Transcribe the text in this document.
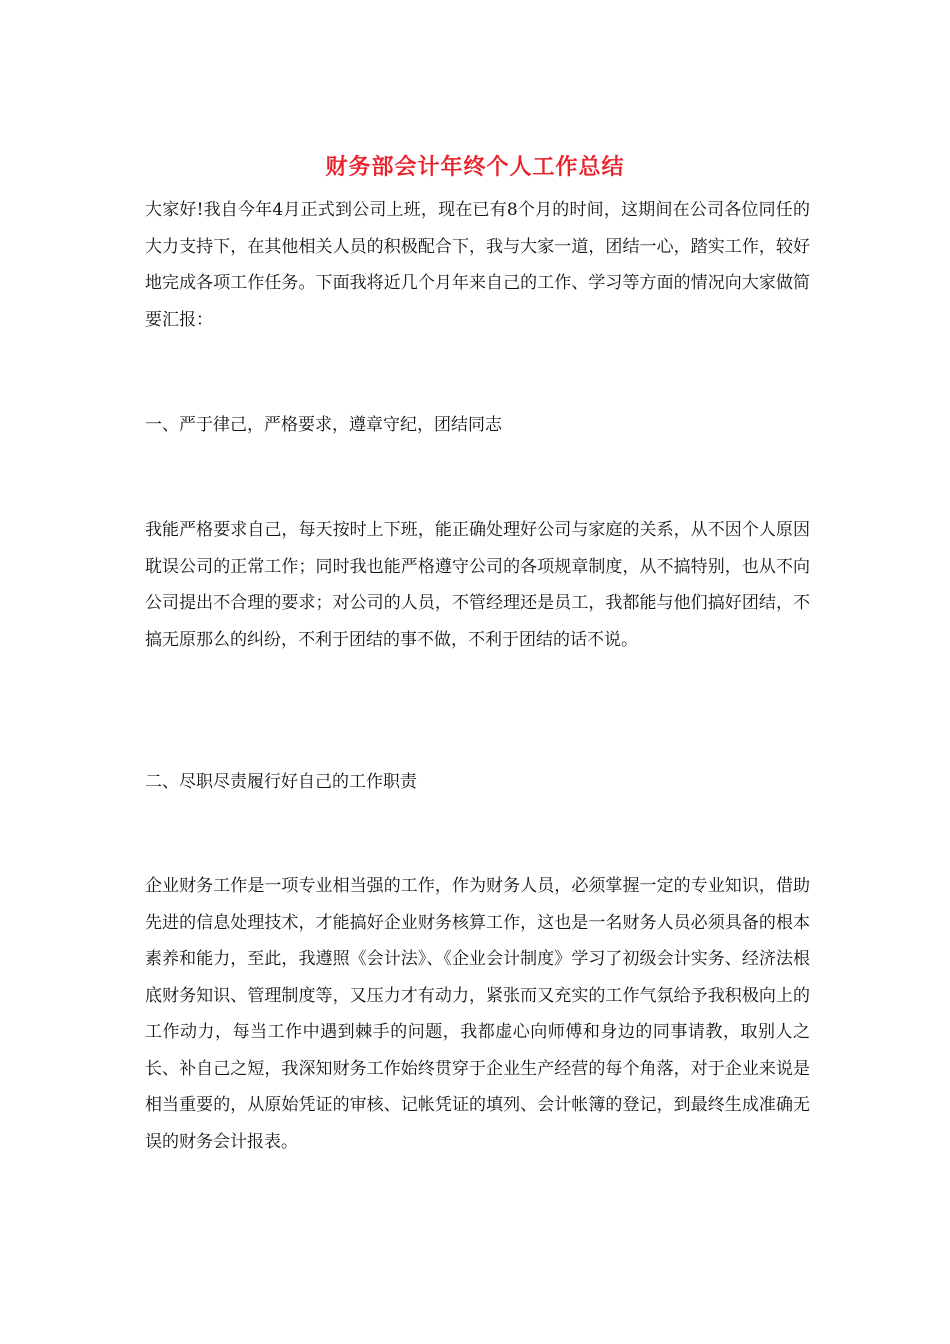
财务部会计年终个人工作总结
大家好!我自今年4月正式到公司上班，现在已有8个月的时间，这期间在公司各位同任的大力支持下，在其他相关人员的积极配合下，我与大家一道，团结一心，踏实工作，较好地完成各项工作任务。下面我将近几个月年来自己的工作、学习等方面的情况向大家做简要汇报：
一、严于律己，严格要求，遵章守纪，团结同志
我能严格要求自己，每天按时上下班，能正确处理好公司与家庭的关系，从不因个人原因耽误公司的正常工作；同时我也能严格遵守公司的各项规章制度，从不搞特别，也从不向公司提出不合理的要求；对公司的人员，不管经理还是员工，我都能与他们搞好团结，不搞无原那么的纠纷，不利于团结的事不做，不利于团结的话不说。
二、尽职尽责履行好自己的工作职责
企业财务工作是一项专业相当强的工作，作为财务人员，必须掌握一定的专业知识，借助先进的信息处理技术，才能搞好企业财务核算工作，这也是一名财务人员必须具备的根本素养和能力，至此，我遵照《会计法》、《企业会计制度》学习了初级会计实务、经济法根底财务知识、管理制度等，又压力才有动力，紧张而又充实的工作气氛给予我积极向上的工作动力，每当工作中遇到棘手的问题，我都虚心向师傅和身边的同事请教，取别人之长、补自己之短，我深知财务工作始终贯穿于企业生产经营的每个角落，对于企业来说是相当重要的，从原始凭证的审核、记帐凭证的填列、会计帐簿的登记，到最终生成准确无误的财务会计报表。
